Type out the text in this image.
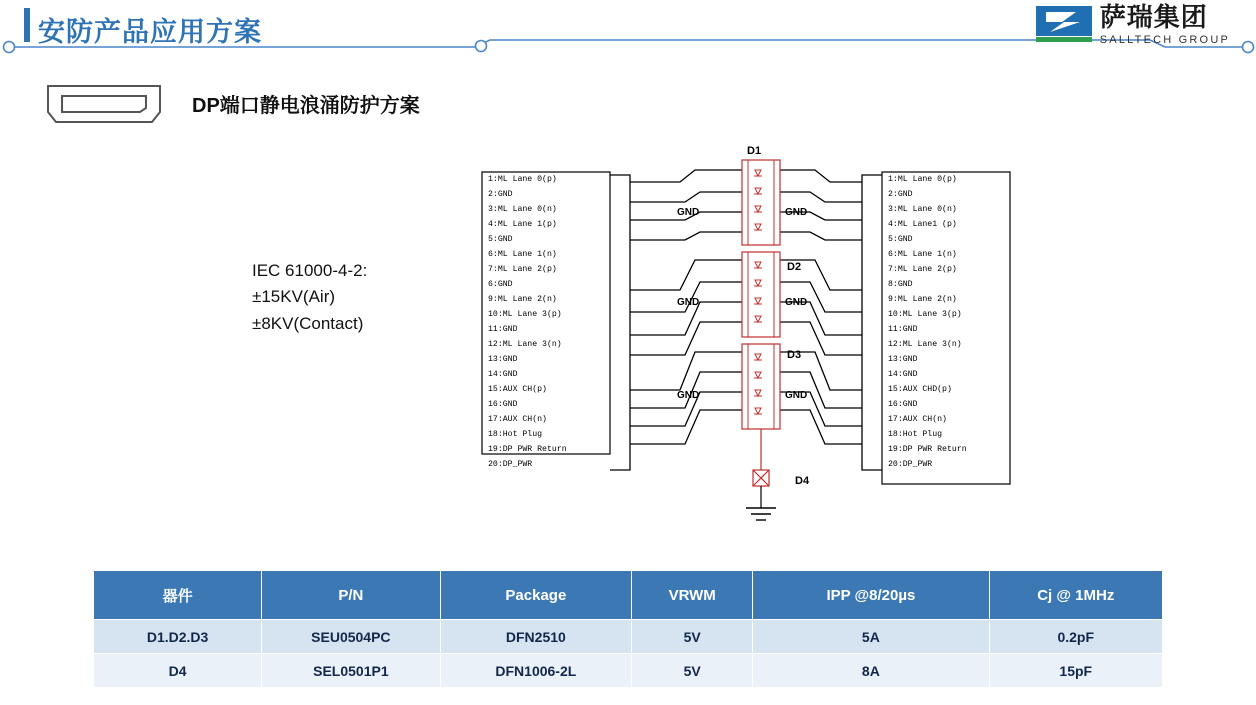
安防产品应用方案	萨瑞集团
SALLTECH GROUP
DP端口静电浪涌防护方案
IEC 61000-4-2:
±15KV(Air)
±8KV(Contact)
1:ML Lane 0(p)
2:GND
3:ML Lane 0(n)
4:ML Lane 1(p)
5:GND
6:ML Lane 1(n)
7:ML Lane 2(p)
6:GND
9:ML Lane 2(n)
10:ML Lane 3(p)
11:GND
12:ML Lane 3(n)
13:GND
14:GND
15:AUX CH(p)
16:GND
17:AUX CH(n)
18:Hot Plug
19:DP PWR Return
20:DP_PWR
1:ML Lane 0(p)
2:GND
3:ML Lane 0(n)
4:ML Lane1 (p)
5:GND
6:ML Lane 1(n)
7:ML Lane 2(p)
8:GND
9:ML Lane 2(n)
10:ML Lane 3(p)
11:GND
12:ML Lane 3(n)
13:GND
14:GND
15:AUX CHD(p)
16:GND
17:AUX CH(n)
18:Hot Plug
19:DP PWR Return
20:DP_PWR
D1
D2
D3
GND	GND
GND	GND
GND	GND
D4
器件	P/N	Package	VRWM	IPP @8/20µs	Cj @ 1MHz
D1.D2.D3	SEU0504PC	DFN2510	5V	5A	0.2pF
D4	SEL0501P1	DFN1006-2L	5V	8A	15pF
